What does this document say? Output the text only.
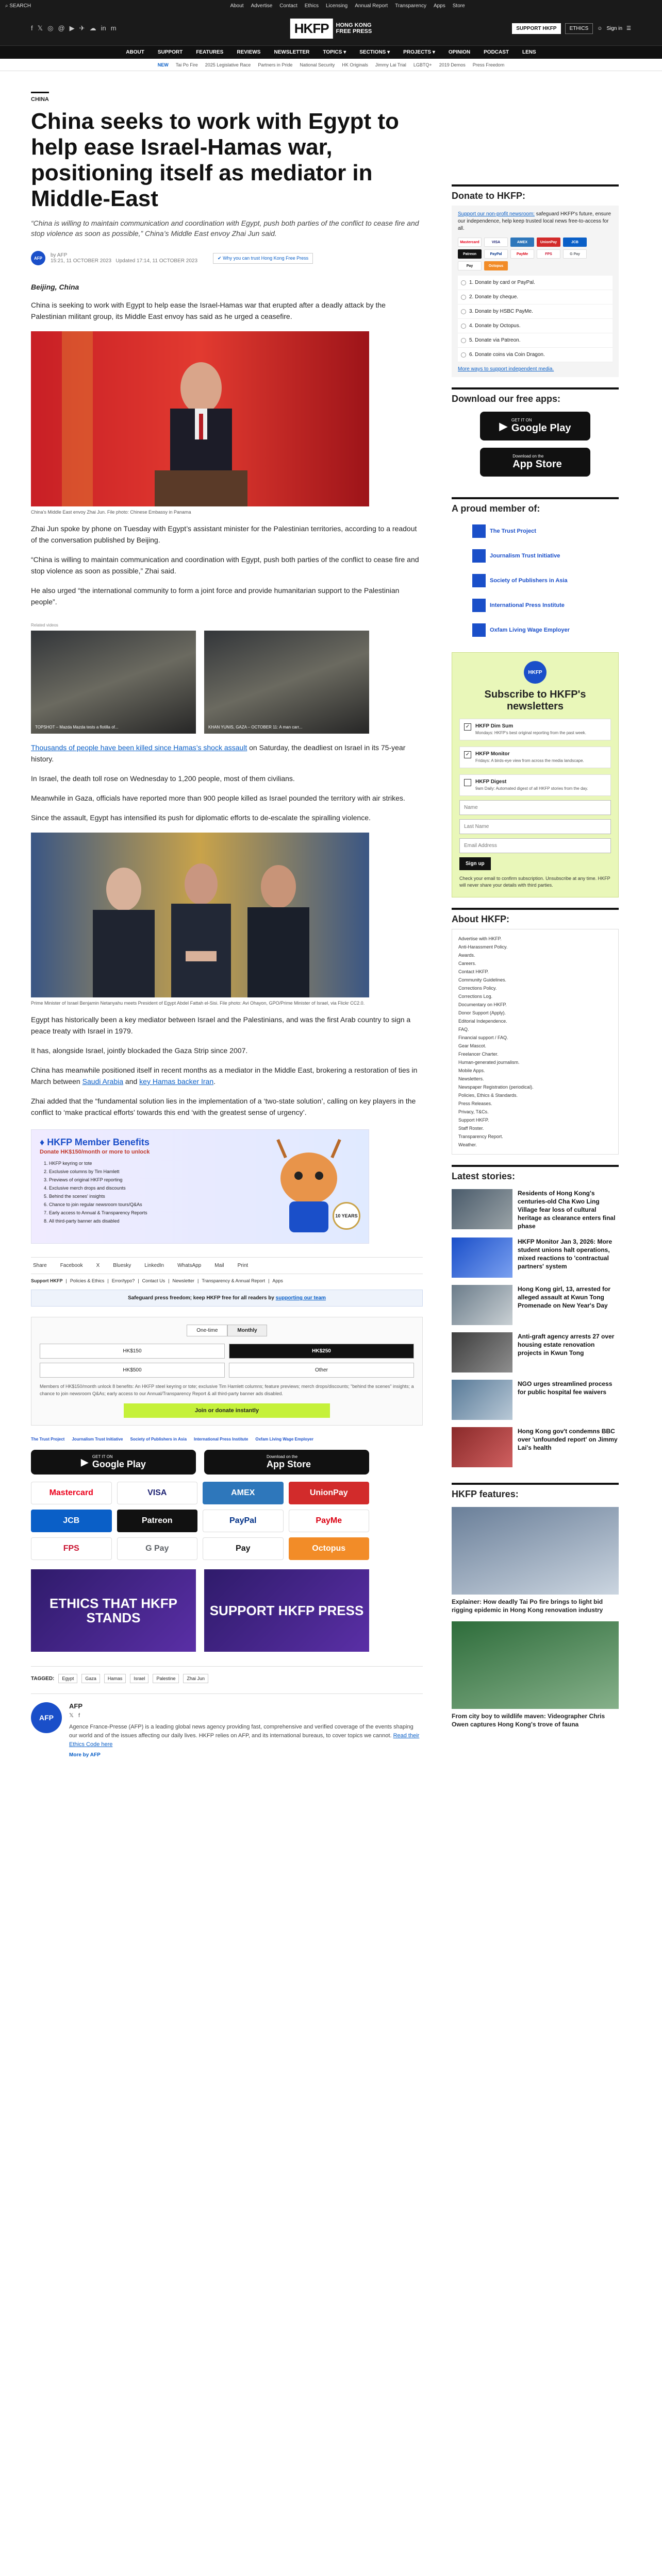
⌕ SEARCH	About Advertise Contact Ethics Licensing Annual Report Transparency Apps Store
f 𝕏 ◎ @ ▶ ✈ ☁ in m	HKFP	HONG KONG
FREE PRESS	SUPPORT HKFP	ETHICS	☺ Sign in ☰
ABOUT	SUPPORT	FEATURES	REVIEWS	NEWSLETTER	TOPICS ▾	SECTIONS ▾	PROJECTS ▾	OPINION	PODCAST	LENS
NEW Tai Po Fire 2025 Legislative Race Partners in Pride National Security HK Originals Jimmy Lai Trial LGBTQ+ 2019 Demos Press Freedom
CHINA
China seeks to work with Egypt to help ease Israel-Hamas war, positioning itself as mediator in Middle-East
“China is willing to maintain communication and coordination with Egypt, push both parties of the conflict to cease fire and stop violence as soon as possible,” China’s Middle East envoy Zhai Jun said.
AFP	by AFP
15:21, 11 OCTOBER 2023 Updated 17:14, 11 OCTOBER 2023
✔ Why you can trust Hong Kong Free Press
Beijing, China

China is seeking to work with Egypt to help ease the Israel-Hamas war that erupted after a deadly attack by the Palestinian militant group, its Middle East envoy has said as he urged a ceasefire.

China’s Middle East envoy Zhai Jun. File photo: Chinese Embassy in Panama

Zhai Jun spoke by phone on Tuesday with Egypt’s assistant minister for the Palestinian territories, according to a readout of the conversation published by Beijing.

“China is willing to maintain communication and coordination with Egypt, push both parties of the conflict to cease fire and stop violence as soon as possible,” Zhai said.

He also urged “the international community to form a joint force and provide humanitarian support to the Palestinian people”.

Related videos
TOPSHOT – Mazda Mazda tests a flotilla of...	KHAN YUNIS, GAZA – OCTOBER 11: A man carr...

Thousands of people have been killed since Hamas’s shock assault on Saturday, the deadliest on Israel in its 75-year history.

In Israel, the death toll rose on Wednesday to 1,200 people, most of them civilians.

Meanwhile in Gaza, officials have reported more than 900 people killed as Israel pounded the territory with air strikes.

Since the assault, Egypt has intensified its push for diplomatic efforts to de-escalate the spiralling violence.

Prime Minister of Israel Benjamin Netanyahu meets President of Egypt Abdel Fattah el-Sisi. File photo: Avi Ohayon, GPO/Prime Minister of Israel, via Flickr CC2.0.

Egypt has historically been a key mediator between Israel and the Palestinians, and was the first Arab country to sign a peace treaty with Israel in 1979.

It has, alongside Israel, jointly blockaded the Gaza Strip since 2007.

China has meanwhile positioned itself in recent months as a mediator in the Middle East, brokering a restoration of ties in March between Saudi Arabia and key Hamas backer Iran.

Zhai added that the “fundamental solution lies in the implementation of a ‘two-state solution’, calling on key players in the conflict to ‘make practical efforts’ towards this end ‘with the greatest sense of urgency’.

♦ HKFP Member Benefits
Donate HK$150/month or more to unlock
1. HKFP keyring or tote
2. Exclusive columns by Tim Hamlett
3. Previews of original HKFP reporting
4. Exclusive merch drops and discounts
5. Behind the scenes' insights
6. Chance to join regular newsroom tours/Q&As
7. Early access to Annual & Transparency Reports
8. All third-party banner ads disabled
10 YEARS
Share	Facebook	X	Bluesky	LinkedIn	WhatsApp	Mail	Print
Support HKFP | Policies & Ethics | Error/typo? | Contact Us | Newsletter | Transparency & Annual Report | Apps
Safeguard press freedom; keep HKFP free for all readers by supporting our team
One-time	Monthly
HK$150	HK$250
HK$500	Other
Members of HK$150/month unlock 8 benefits: An HKFP steel keyring or tote; exclusive Tim Hamlett columns; feature previews; merch drops/discounts; "behind the scenes" insights; a chance to join newsroom Q&As; early access to our Annual/Transparency Report & all third-party banner ads disabled.
Join or donate instantly
The Trust Project Journalism Trust Initiative Society of Publishers in Asia International Press Institute Oxfam Living Wage Employer
▶ GET IT ON
Google Play
Download on the
App Store
Mastercard	VISA	AMEX	UnionPay
JCB	Patreon	PayPal	PayMe
FPS	G Pay	Pay	Octopus
ETHICS THAT HKFP STANDS	SUPPORT HKFP PRESS
TAGGED:	Egypt	Gaza	Hamas	Israel	Palestine	Zhai Jun
AFP
AFP
𝕏 f

Agence France-Presse (AFP) is a leading global news agency providing fast, comprehensive and verified coverage of the events shaping our world and of the issues affecting our daily lives. HKFP relies on AFP, and its international bureaus, to cover topics we cannot. Read their Ethics Code here

More by AFP
Donate to HKFP:

Support our non-profit newsroom: safeguard HKFP's future, ensure our independence, help keep trusted local news free-to-access for all.

Mastercard	VISA	AMEX	UnionPay	JCB
Patreon	PayPal	PayMe	FPS	G Pay
Pay	Octopus
1. Donate by card or PayPal.
2. Donate by cheque.
3. Donate by HSBC PayMe.
4. Donate by Octopus.
5. Donate via Patreon.
6. Donate coins via Coin Dragon.
More ways to support independent media.
Download our free apps:
▶
GET IT ON
Google Play
Download on the
App Store
A proud member of:
The Trust Project
Journalism Trust Initiative
Society of Publishers in Asia
International Press Institute
Oxfam Living Wage Employer
HKFP
Subscribe to HKFP's newsletters
✓ HKFP Dim Sum
Mondays: HKFP's best original reporting from the past week.
✓ HKFP Monitor
Fridays: A birds-eye view from across the media landscape.
HKFP Digest
9am Daily: Automated digest of all HKFP stories from the day.
Name Last Name Email Address Sign up
Check your email to confirm subscription. Unsubscribe at any time. HKFP will never share your details with third parties.
About HKFP:
Advertise with HKFP.
Anti-Harassment Policy.
Awards.
Careers.
Contact HKFP.
Community Guidelines.
Corrections Policy.
Corrections Log.
Documentary on HKFP.
Donor Support (Apply).
Editorial Independence.
FAQ.
Financial support / FAQ.
Gear Mascot.
Freelancer Charter.
Human-generated journalism.
Mobile Apps.
Newsletters.
Newspaper Registration (periodical).
Policies, Ethics & Standards.
Press Releases.
Privacy, T&Cs.
Support HKFP.
Staff Roster.
Transparency Report.
Weather.
Latest stories:
Residents of Hong Kong's centuries-old Cha Kwo Ling Village fear loss of cultural heritage as clearance enters final phase
HKFP Monitor Jan 3, 2026: More student unions halt operations, mixed reactions to 'contractual partners' system
Hong Kong girl, 13, arrested for alleged assault at Kwun Tong Promenade on New Year's Day
Anti-graft agency arrests 27 over housing estate renovation projects in Kwun Tong
NGO urges streamlined process for public hospital fee waivers
Hong Kong gov't condemns BBC over 'unfounded report' on Jimmy Lai's health
HKFP features:
Explainer: How deadly Tai Po fire brings to light bid rigging epidemic in Hong Kong renovation industry
From city boy to wildlife maven: Videographer Chris Owen captures Hong Kong's trove of fauna
